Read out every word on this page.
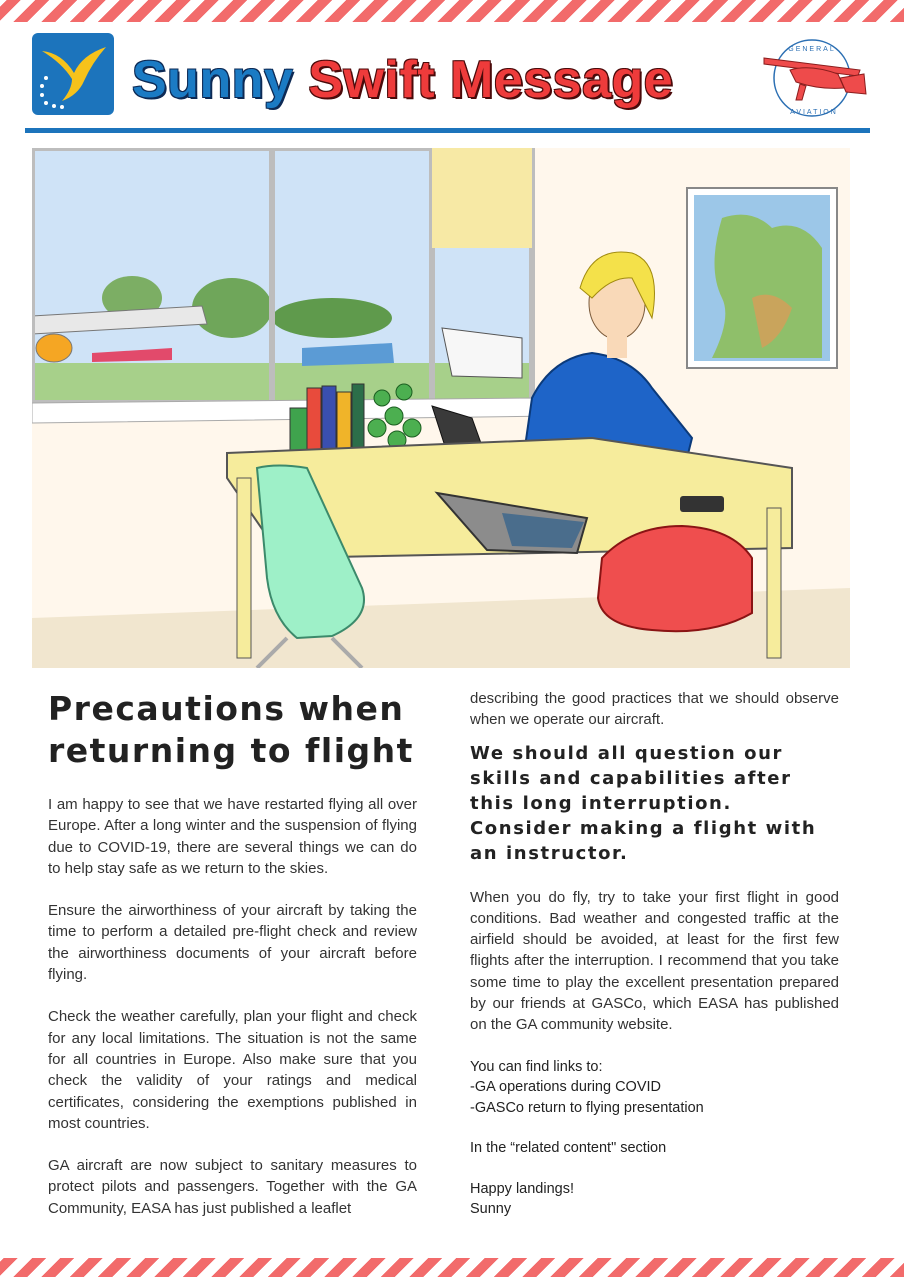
Sunny Swift Message
GENERAL
AVIATION
Precautions when
returning to flight

I am happy to see that we have restarted flying all over Europe. After a long winter and the suspension of flying due to COVID-19, there are several things we can do to help stay safe as we return to the skies.

Ensure the airworthiness of your aircraft by taking the time to perform a detailed pre-flight check and review the airworthiness documents of your aircraft before flying.

Check the weather carefully, plan your flight and check for any local limitations. The situation is not the same for all countries in Europe. Also make sure that you check the validity of your ratings and medical certificates, considering the exemptions published in most countries.

GA aircraft are now subject to sanitary measures to protect pilots and passengers. Together with the GA Community, EASA has just published a leaflet

describing the good practices that we should observe when we operate our aircraft.

We should all question our skills and capabilities after this long interruption. Consider making a flight with an instructor.

When you do fly, try to take your first flight in good conditions. Bad weather and congested traffic at the airfield should be avoided, at least for the first few flights after the interruption. I recommend that you take some time to play the excellent presentation prepared by our friends at GASCo, which EASA has published on the GA community website.

You can find links to:
-GA operations during COVID
-GASCo return to flying presentation
In the “related content" section
Happy landings!
Sunny
